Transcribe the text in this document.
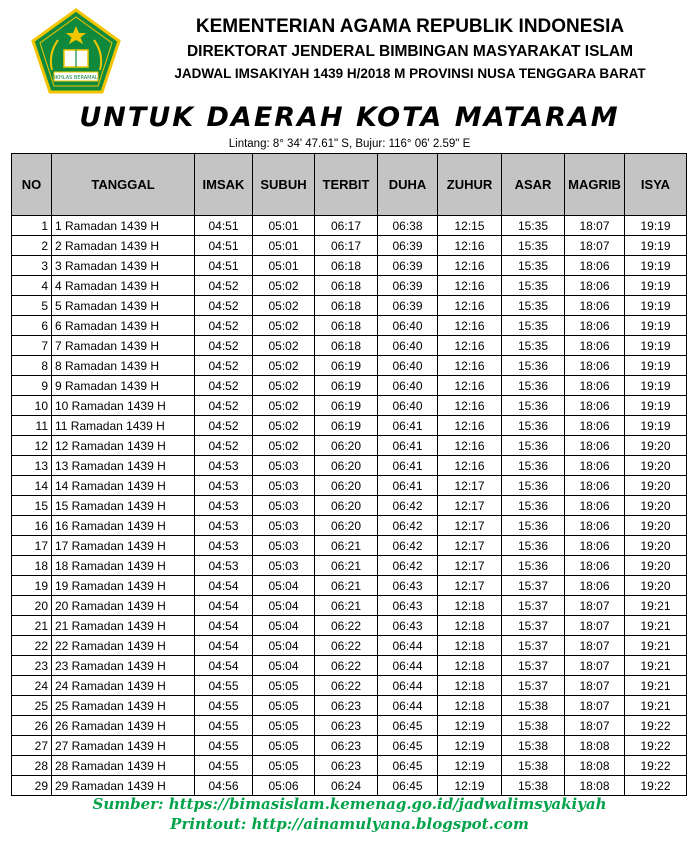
IKHLAS BERAMAL
KEMENTERIAN AGAMA REPUBLIK INDONESIA
DIREKTORAT JENDERAL BIMBINGAN MASYARAKAT ISLAM
JADWAL IMSAKIYAH 1439 H/2018 M PROVINSI NUSA TENGGARA BARAT
UNTUK DAERAH KOTA MATARAM
Lintang: 8° 34' 47.61" S, Bujur: 116° 06' 2.59" E
NO	TANGGAL	IMSAK	SUBUH	TERBIT	DUHA	ZUHUR	ASAR	MAGRIB	ISYA
1	1 Ramadan 1439 H	04:51	05:01	06:17	06:38	12:15	15:35	18:07	19:19
2	2 Ramadan 1439 H	04:51	05:01	06:17	06:39	12:16	15:35	18:07	19:19
3	3 Ramadan 1439 H	04:51	05:01	06:18	06:39	12:16	15:35	18:06	19:19
4	4 Ramadan 1439 H	04:52	05:02	06:18	06:39	12:16	15:35	18:06	19:19
5	5 Ramadan 1439 H	04:52	05:02	06:18	06:39	12:16	15:35	18:06	19:19
6	6 Ramadan 1439 H	04:52	05:02	06:18	06:40	12:16	15:35	18:06	19:19
7	7 Ramadan 1439 H	04:52	05:02	06:18	06:40	12:16	15:35	18:06	19:19
8	8 Ramadan 1439 H	04:52	05:02	06:19	06:40	12:16	15:36	18:06	19:19
9	9 Ramadan 1439 H	04:52	05:02	06:19	06:40	12:16	15:36	18:06	19:19
10	10 Ramadan 1439 H	04:52	05:02	06:19	06:40	12:16	15:36	18:06	19:19
11	11 Ramadan 1439 H	04:52	05:02	06:19	06:41	12:16	15:36	18:06	19:19
12	12 Ramadan 1439 H	04:52	05:02	06:20	06:41	12:16	15:36	18:06	19:20
13	13 Ramadan 1439 H	04:53	05:03	06:20	06:41	12:16	15:36	18:06	19:20
14	14 Ramadan 1439 H	04:53	05:03	06:20	06:41	12:17	15:36	18:06	19:20
15	15 Ramadan 1439 H	04:53	05:03	06:20	06:42	12:17	15:36	18:06	19:20
16	16 Ramadan 1439 H	04:53	05:03	06:20	06:42	12:17	15:36	18:06	19:20
17	17 Ramadan 1439 H	04:53	05:03	06:21	06:42	12:17	15:36	18:06	19:20
18	18 Ramadan 1439 H	04:53	05:03	06:21	06:42	12:17	15:36	18:06	19:20
19	19 Ramadan 1439 H	04:54	05:04	06:21	06:43	12:17	15:37	18:06	19:20
20	20 Ramadan 1439 H	04:54	05:04	06:21	06:43	12:18	15:37	18:07	19:21
21	21 Ramadan 1439 H	04:54	05:04	06:22	06:43	12:18	15:37	18:07	19:21
22	22 Ramadan 1439 H	04:54	05:04	06:22	06:44	12:18	15:37	18:07	19:21
23	23 Ramadan 1439 H	04:54	05:04	06:22	06:44	12:18	15:37	18:07	19:21
24	24 Ramadan 1439 H	04:55	05:05	06:22	06:44	12:18	15:37	18:07	19:21
25	25 Ramadan 1439 H	04:55	05:05	06:23	06:44	12:18	15:38	18:07	19:21
26	26 Ramadan 1439 H	04:55	05:05	06:23	06:45	12:19	15:38	18:07	19:22
27	27 Ramadan 1439 H	04:55	05:05	06:23	06:45	12:19	15:38	18:08	19:22
28	28 Ramadan 1439 H	04:55	05:05	06:23	06:45	12:19	15:38	18:08	19:22
29	29 Ramadan 1439 H	04:56	05:06	06:24	06:45	12:19	15:38	18:08	19:22
Sumber: https://bimasislam.kemenag.go.id/jadwalimsyakiyah
Printout: http://ainamulyana.blogspot.com
